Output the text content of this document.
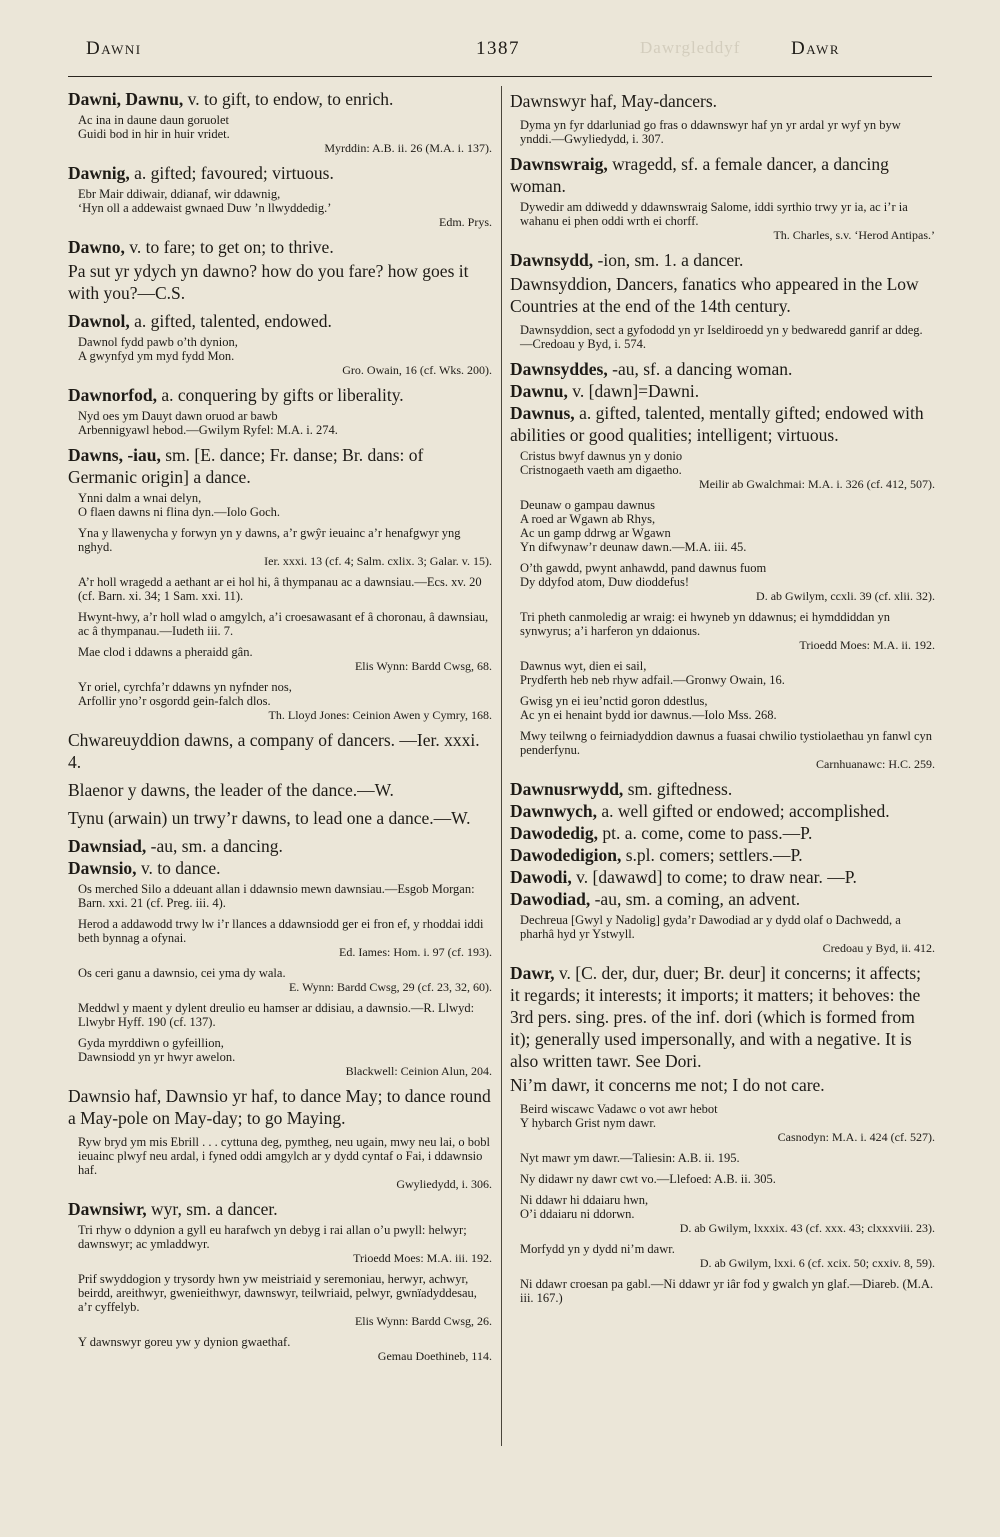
Dawrgleddyf
Dawni	1387	Dawr

Dawni, Dawnu, v. to gift, to endow, to enrich.

Ac ina in daune daun goruolet

Guidi bod in hir in huir vridet.

Myrddin: A.B. ii. 26 (M.A. i. 137).

Dawnig, a. gifted; favoured; virtuous.

Ebr Mair ddiwair, ddianaf, wir ddawnig,

‘Hyn oll a addewaist gwnaed Duw ’n llwyddedig.’

Edm. Prys.

Dawno, v. to fare; to get on; to thrive.

Pa sut yr ydych yn dawno? how do you fare? how goes it with you?—C.S.

Dawnol, a. gifted, talented, endowed.

Dawnol fydd pawb o’th dynion,

A gwynfyd ym myd fydd Mon.

Gro. Owain, 16 (cf. Wks. 200).

Dawnorfod, a. conquering by gifts or liberality.

Nyd oes ym Dauyt dawn oruod ar bawb

Arbennigyawl hebod.—Gwilym Ryfel: M.A. i. 274.

Dawns, -iau, sm. [E. dance; Fr. danse; Br. dans: of Germanic origin] a dance.

Ynni dalm a wnai delyn,

O flaen dawns ni flina dyn.—Iolo Goch.

Yna y llawenycha y forwyn yn y dawns, a’r gwŷr ieuainc a’r henafgwyr yng nghyd.

Ier. xxxi. 13 (cf. 4; Salm. cxlix. 3; Galar. v. 15).

A’r holl wragedd a aethant ar ei hol hi, â thympanau ac a dawnsiau.—Ecs. xv. 20 (cf. Barn. xi. 34; 1 Sam. xxi. 11).

Hwynt-hwy, a’r holl wlad o amgylch, a’i croesawasant ef â choronau, â dawnsiau, ac â thympanau.—Iudeth iii. 7.

Mae clod i ddawns a pheraidd gân.

Elis Wynn: Bardd Cwsg, 68.

Yr oriel, cyrchfa’r ddawns yn nyfnder nos,

Arfollir yno’r osgordd gein-falch dlos.

Th. Lloyd Jones: Ceinion Awen y Cymry, 168.

Chwareuyddion dawns, a company of dancers. —Ier. xxxi. 4.

Blaenor y dawns, the leader of the dance.—W.

Tynu (arwain) un trwy’r dawns, to lead one a dance.—W.

Dawnsiad, -au, sm. a dancing.

Dawnsio, v. to dance.

Os merched Silo a ddeuant allan i ddawnsio mewn dawnsiau.—Esgob Morgan: Barn. xxi. 21 (cf. Preg. iii. 4).

Herod a addawodd trwy lw i’r llances a ddawnsiodd ger ei fron ef, y rhoddai iddi beth bynnag a ofynai.

Ed. Iames: Hom. i. 97 (cf. 193).

Os ceri ganu a dawnsio, cei yma dy wala.

E. Wynn: Bardd Cwsg, 29 (cf. 23, 32, 60).

Meddwl y maent y dylent dreulio eu hamser ar ddisiau, a dawnsio.—R. Llwyd: Llwybr Hyff. 190 (cf. 137).

Gyda myrddiwn o gyfeillion,

Dawnsiodd yn yr hwyr awelon.

Blackwell: Ceinion Alun, 204.

Dawnsio haf, Dawnsio yr haf, to dance May; to dance round a May-pole on May-day; to go Maying.

Ryw bryd ym mis Ebrill . . . cyttuna deg, pymtheg, neu ugain, mwy neu lai, o bobl ieuainc plwyf neu ardal, i fyned oddi amgylch ar y dydd cyntaf o Fai, i ddawnsio haf.

Gwyliedydd, i. 306.

Dawnsiwr, wyr, sm. a dancer.

Tri rhyw o ddynion a gyll eu harafwch yn debyg i rai allan o’u pwyll: helwyr; dawnswyr; ac ymladdwyr.

Trioedd Moes: M.A. iii. 192.

Prif swyddogion y trysordy hwn yw meistriaid y seremoniau, herwyr, achwyr, beirdd, areithwyr, gwenieithwyr, dawnswyr, teilwriaid, pelwyr, gwnïadyddesau, a’r cyffelyb.

Elis Wynn: Bardd Cwsg, 26.

Y dawnswyr goreu yw y dynion gwaethaf.

Gemau Doethineb, 114.

Dawnswyr haf, May-dancers.

Dyma yn fyr ddarluniad go fras o ddawnswyr haf yn yr ardal yr wyf yn byw ynddi.—Gwyliedydd, i. 307.

Dawnswraig, wragedd, sf. a female dancer, a dancing woman.

Dywedir am ddiwedd y ddawnswraig Salome, iddi syrthio trwy yr ia, ac i’r ia wahanu ei phen oddi wrth ei chorff.

Th. Charles, s.v. ‘Herod Antipas.’

Dawnsydd, -ion, sm. 1. a dancer.

Dawnsyddion, Dancers, fanatics who appeared in the Low Countries at the end of the 14th century.

Dawnsyddion, sect a gyfododd yn yr Iseldiroedd yn y bedwaredd ganrif ar ddeg.—Credoau y Byd, i. 574.

Dawnsyddes, -au, sf. a dancing woman.

Dawnu, v. [dawn]=Dawni.

Dawnus, a. gifted, talented, mentally gifted; endowed with abilities or good qualities; intelligent; virtuous.

Cristus bwyf dawnus yn y donio

Cristnogaeth vaeth am digaetho.

Meilir ab Gwalchmai: M.A. i. 326 (cf. 412, 507).

Deunaw o gampau dawnus

A roed ar Wgawn ab Rhys,

Ac un gamp ddrwg ar Wgawn

Yn difwynaw’r deunaw dawn.—M.A. iii. 45.

O’th gawdd, pwynt anhawdd, pand dawnus fuom

Dy ddyfod atom, Duw dioddefus!

D. ab Gwilym, ccxli. 39 (cf. xlii. 32).

Tri pheth canmoledig ar wraig: ei hwyneb yn ddawnus; ei hymddiddan yn synwyrus; a’i harferon yn ddaionus.

Trioedd Moes: M.A. ii. 192.

Dawnus wyt, dien ei sail,

Prydferth heb neb rhyw adfail.—Gronwy Owain, 16.

Gwisg yn ei ieu’nctid goron ddestlus,

Ac yn ei henaint bydd ior dawnus.—Iolo Mss. 268.

Mwy teilwng o feirniadyddion dawnus a fuasai chwilio tystiolaethau yn fanwl cyn penderfynu.

Carnhuanawc: H.C. 259.

Dawnusrwydd, sm. giftedness.

Dawnwych, a. well gifted or endowed; accomplished.

Dawodedig, pt. a. come, come to pass.—P.

Dawodedigion, s.pl. comers; settlers.—P.

Dawodi, v. [dawawd] to come; to draw near. —P.

Dawodiad, -au, sm. a coming, an advent.

Dechreua [Gwyl y Nadolig] gyda’r Dawodiad ar y dydd olaf o Dachwedd, a pharhâ hyd yr Ystwyll.

Credoau y Byd, ii. 412.

Dawr, v. [C. der, dur, duer; Br. deur] it concerns; it affects; it regards; it interests; it imports; it matters; it behoves: the 3rd pers. sing. pres. of the inf. dori (which is formed from it); generally used impersonally, and with a negative. It is also written tawr. See Dori.

Ni’m dawr, it concerns me not; I do not care.

Beird wiscawc Vadawc o vot awr hebot

Y hybarch Grist nym dawr.

Casnodyn: M.A. i. 424 (cf. 527).

Nyt mawr ym dawr.—Taliesin: A.B. ii. 195.

Ny didawr ny dawr cwt vo.—Llefoed: A.B. ii. 305.

Ni ddawr hi ddaiaru hwn,

O’i ddaiaru ni ddorwn.

D. ab Gwilym, lxxxix. 43 (cf. xxx. 43; clxxxviii. 23).

Morfydd yn y dydd ni’m dawr.

D. ab Gwilym, lxxi. 6 (cf. xcix. 50; cxxiv. 8, 59).

Ni ddawr croesan pa gabl.—Ni ddawr yr iâr fod y gwalch yn glaf.—Diareb. (M.A. iii. 167.)
